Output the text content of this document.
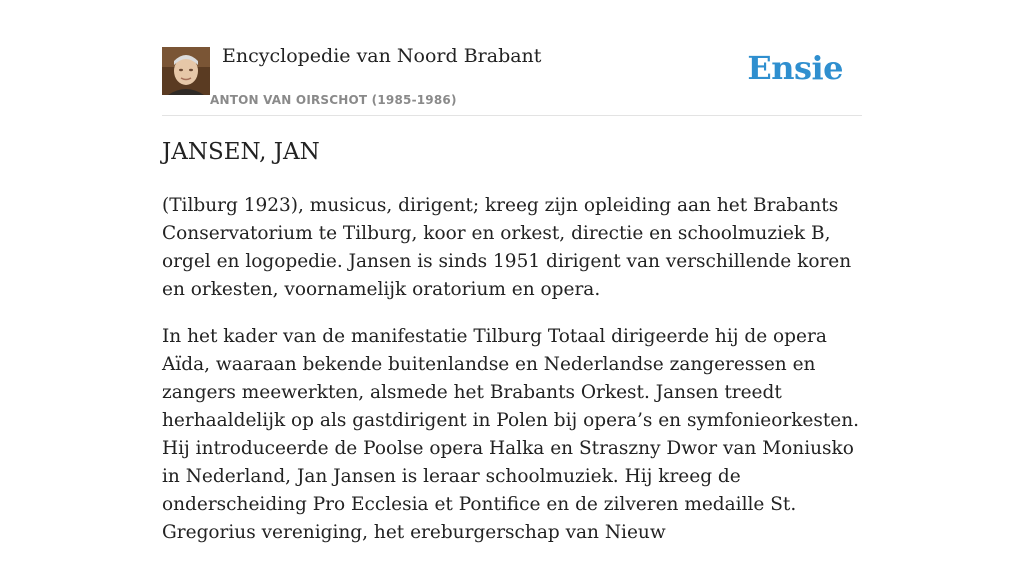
Encyclopedie van Noord Brabant
ANTON VAN OIRSCHOT (1985-1986)
Ensie
JANSEN, JAN

(Tilburg 1923), musicus, dirigent; kreeg zijn opleiding aan het Brabants Conservatorium te Tilburg, koor en orkest, directie en schoolmuziek B, orgel en logopedie. Jansen is sinds 1951 dirigent van verschillende koren en orkesten, voornamelijk oratorium en opera.

In het kader van de manifestatie Tilburg Totaal dirigeerde hij de opera Aïda, waaraan bekende buitenlandse en Nederlandse zangeressen en zangers meewerkten, alsmede het Brabants Orkest. Jansen treedt herhaaldelijk op als gastdirigent in Polen bij opera’s en symfonieorkesten. Hij introduceerde de Poolse opera Halka en Straszny Dwor van Moniusko in Nederland, Jan Jansen is leraar schoolmuziek. Hij kreeg de onderscheiding Pro Ecclesia et Pontifice en de zilveren medaille St. Gregorius vereniging, het ereburgerschap van Nieuw
